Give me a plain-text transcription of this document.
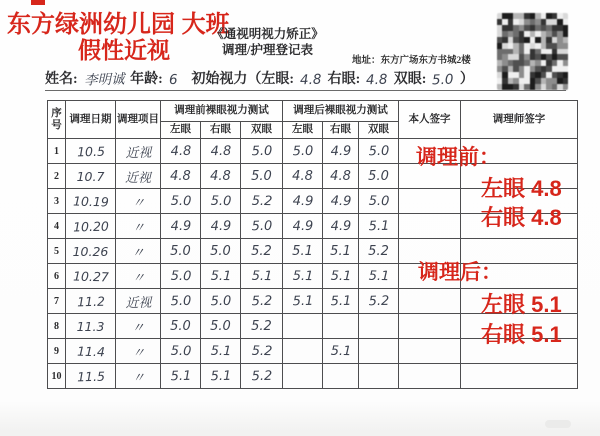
东方绿洲幼儿园 大班
假性近视
《通视明视力矫正》
调理/护理登记表
地址：东方广场东方书城2楼
姓名: 李明诚 年龄: 6 初始视力（左眼: 4.8 右眼: 4.8 双眼: 5.0 ）
序号	调理日期	调理项目	调理前裸眼视力测试			调理后裸眼视力测试			本人签字	调理师签字
			左眼	右眼	双眼	左眼	右眼	双眼		
1	10.5	近视	4.8	4.8	5.0	5.0	4.9	5.0		
2	10.7	近视	4.8	4.8	5.0	4.8	4.8	5.0		
3	10.19	〃	5.0	5.0	5.2	4.9	4.9	5.0		
4	10.20	〃	4.9	4.9	5.0	4.9	4.9	5.1		
5	10.26	〃	5.0	5.0	5.2	5.1	5.1	5.2		
6	10.27	〃	5.0	5.1	5.1	5.1	5.1	5.1		
7	11.2	近视	5.0	5.0	5.2	5.1	5.1	5.2		
8	11.3	〃	5.0	5.0	5.2					
9	11.4	〃	5.0	5.1	5.2		5.1			
10	11.5	〃	5.1	5.1	5.2					
调理前：
左眼 4.8
右眼 4.8
调理后：
左眼 5.1
右眼 5.1
